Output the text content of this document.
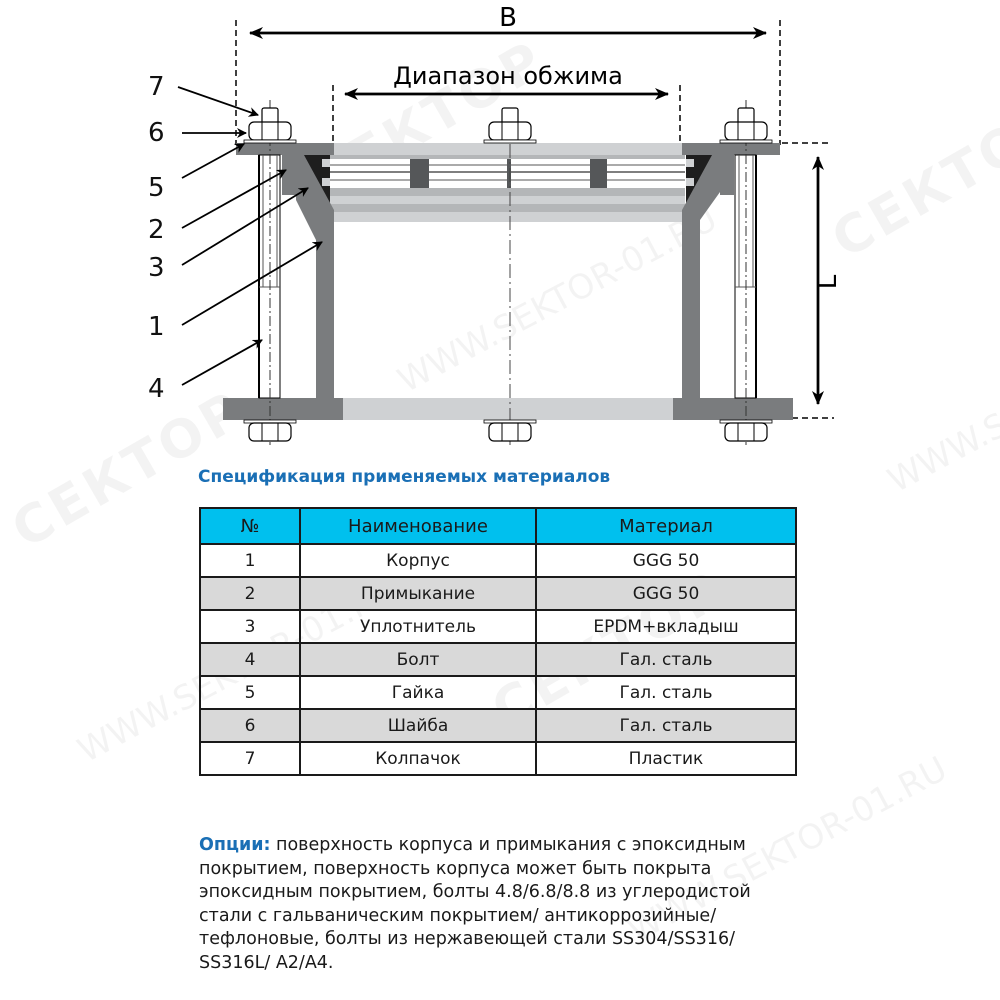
B
Диапазон обжима
L
7
6
5
2
3
1
4
Спецификация применяемых материалов
№	Наименование	Материал
1	Корпус	GGG 50
2	Примыкание	GGG 50
3	Уплотнитель	EPDM+вкладыш
4	Болт	Гал. сталь
5	Гайка	Гал. сталь
6	Шайба	Гал. сталь
7	Колпачок	Пластик
Опции: поверхность корпуса и примыкания с эпоксидным покрытием, поверхность корпуса может быть покрыта эпоксидным покрытием, болты 4.8/6.8/8.8 из углеродистой стали с гальваническим покрытием/ антикоррозийные/ тефлоновые, болты из нержавеющей стали SS304/SS316/ SS316L/ A2/A4.
